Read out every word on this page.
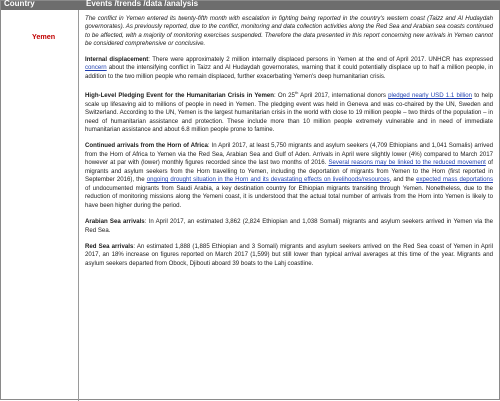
Country	Events /trends /data /analysis
Yemen

The conflict in Yemen entered its twenty-fifth month with escalation in fighting being reported in the country's western coast (Taizz and Al Hudaydah governorates). As previously reported, due to the conflict, monitoring and data collection activities along the Red Sea and Arabian sea coasts continued to be affected, with a majority of monitoring exercises suspended. Therefore the data presented in this report concerning new arrivals in Yemen cannot be considered comprehensive or conclusive.

Internal displacement: There were approximately 2 million internally displaced persons in Yemen at the end of April 2017. UNHCR has expressed concern about the intensifying conflict in Taizz and Al Hudaydah governorates, warning that it could potentially displace up to half a million people, in addition to the two million people who remain displaced, further exacerbating Yemen's deep humanitarian crisis.

High-Level Pledging Event for the Humanitarian Crisis in Yemen: On 25th April 2017, international donors pledged nearly USD 1.1 billion to help scale up lifesaving aid to millions of people in need in Yemen. The pledging event was held in Geneva and was co-chaired by the UN, Sweden and Switzerland. According to the UN, Yemen is the largest humanitarian crisis in the world with close to 19 million people – two thirds of the population – in need of humanitarian assistance and protection. These include more than 10 million people extremely vulnerable and in need of immediate humanitarian assistance and about 6.8 million people prone to famine.

Continued arrivals from the Horn of Africa: In April 2017, at least 5,750 migrants and asylum seekers (4,709 Ethiopians and 1,041 Somalis) arrived from the Horn of Africa to Yemen via the Red Sea, Arabian Sea and Gulf of Aden. Arrivals in April were slightly lower (4%) compared to March 2017 however at par with (lower) monthly figures recorded since the last two months of 2016. Several reasons may be linked to the reduced movement of migrants and asylum seekers from the Horn travelling to Yemen, including the deportation of migrants from Yemen to the Horn (first reported in September 2016), the ongoing drought situation in the Horn and its devastating effects on livelihoods/resources, and the expected mass deportations of undocumented migrants from Saudi Arabia, a key destination country for Ethiopian migrants transiting through Yemen. Nonetheless, due to the reduction of monitoring missions along the Yemeni coast, it is understood that the actual total number of arrivals from the Horn into Yemen is likely to have been higher during the period.

Arabian Sea arrivals: In April 2017, an estimated 3,862 (2,824 Ethiopian and 1,038 Somali) migrants and asylum seekers arrived in Yemen via the Red Sea.

Red Sea arrivals: An estimated 1,888 (1,885 Ethiopian and 3 Somali) migrants and asylum seekers arrived on the Red Sea coast of Yemen in April 2017, an 18% increase on figures reported on March 2017 (1,599) but still lower than typical arrival averages at this time of the year. Migrants and asylum seekers departed from Obock, Djibouti aboard 39 boats to the Lahj coastline.
